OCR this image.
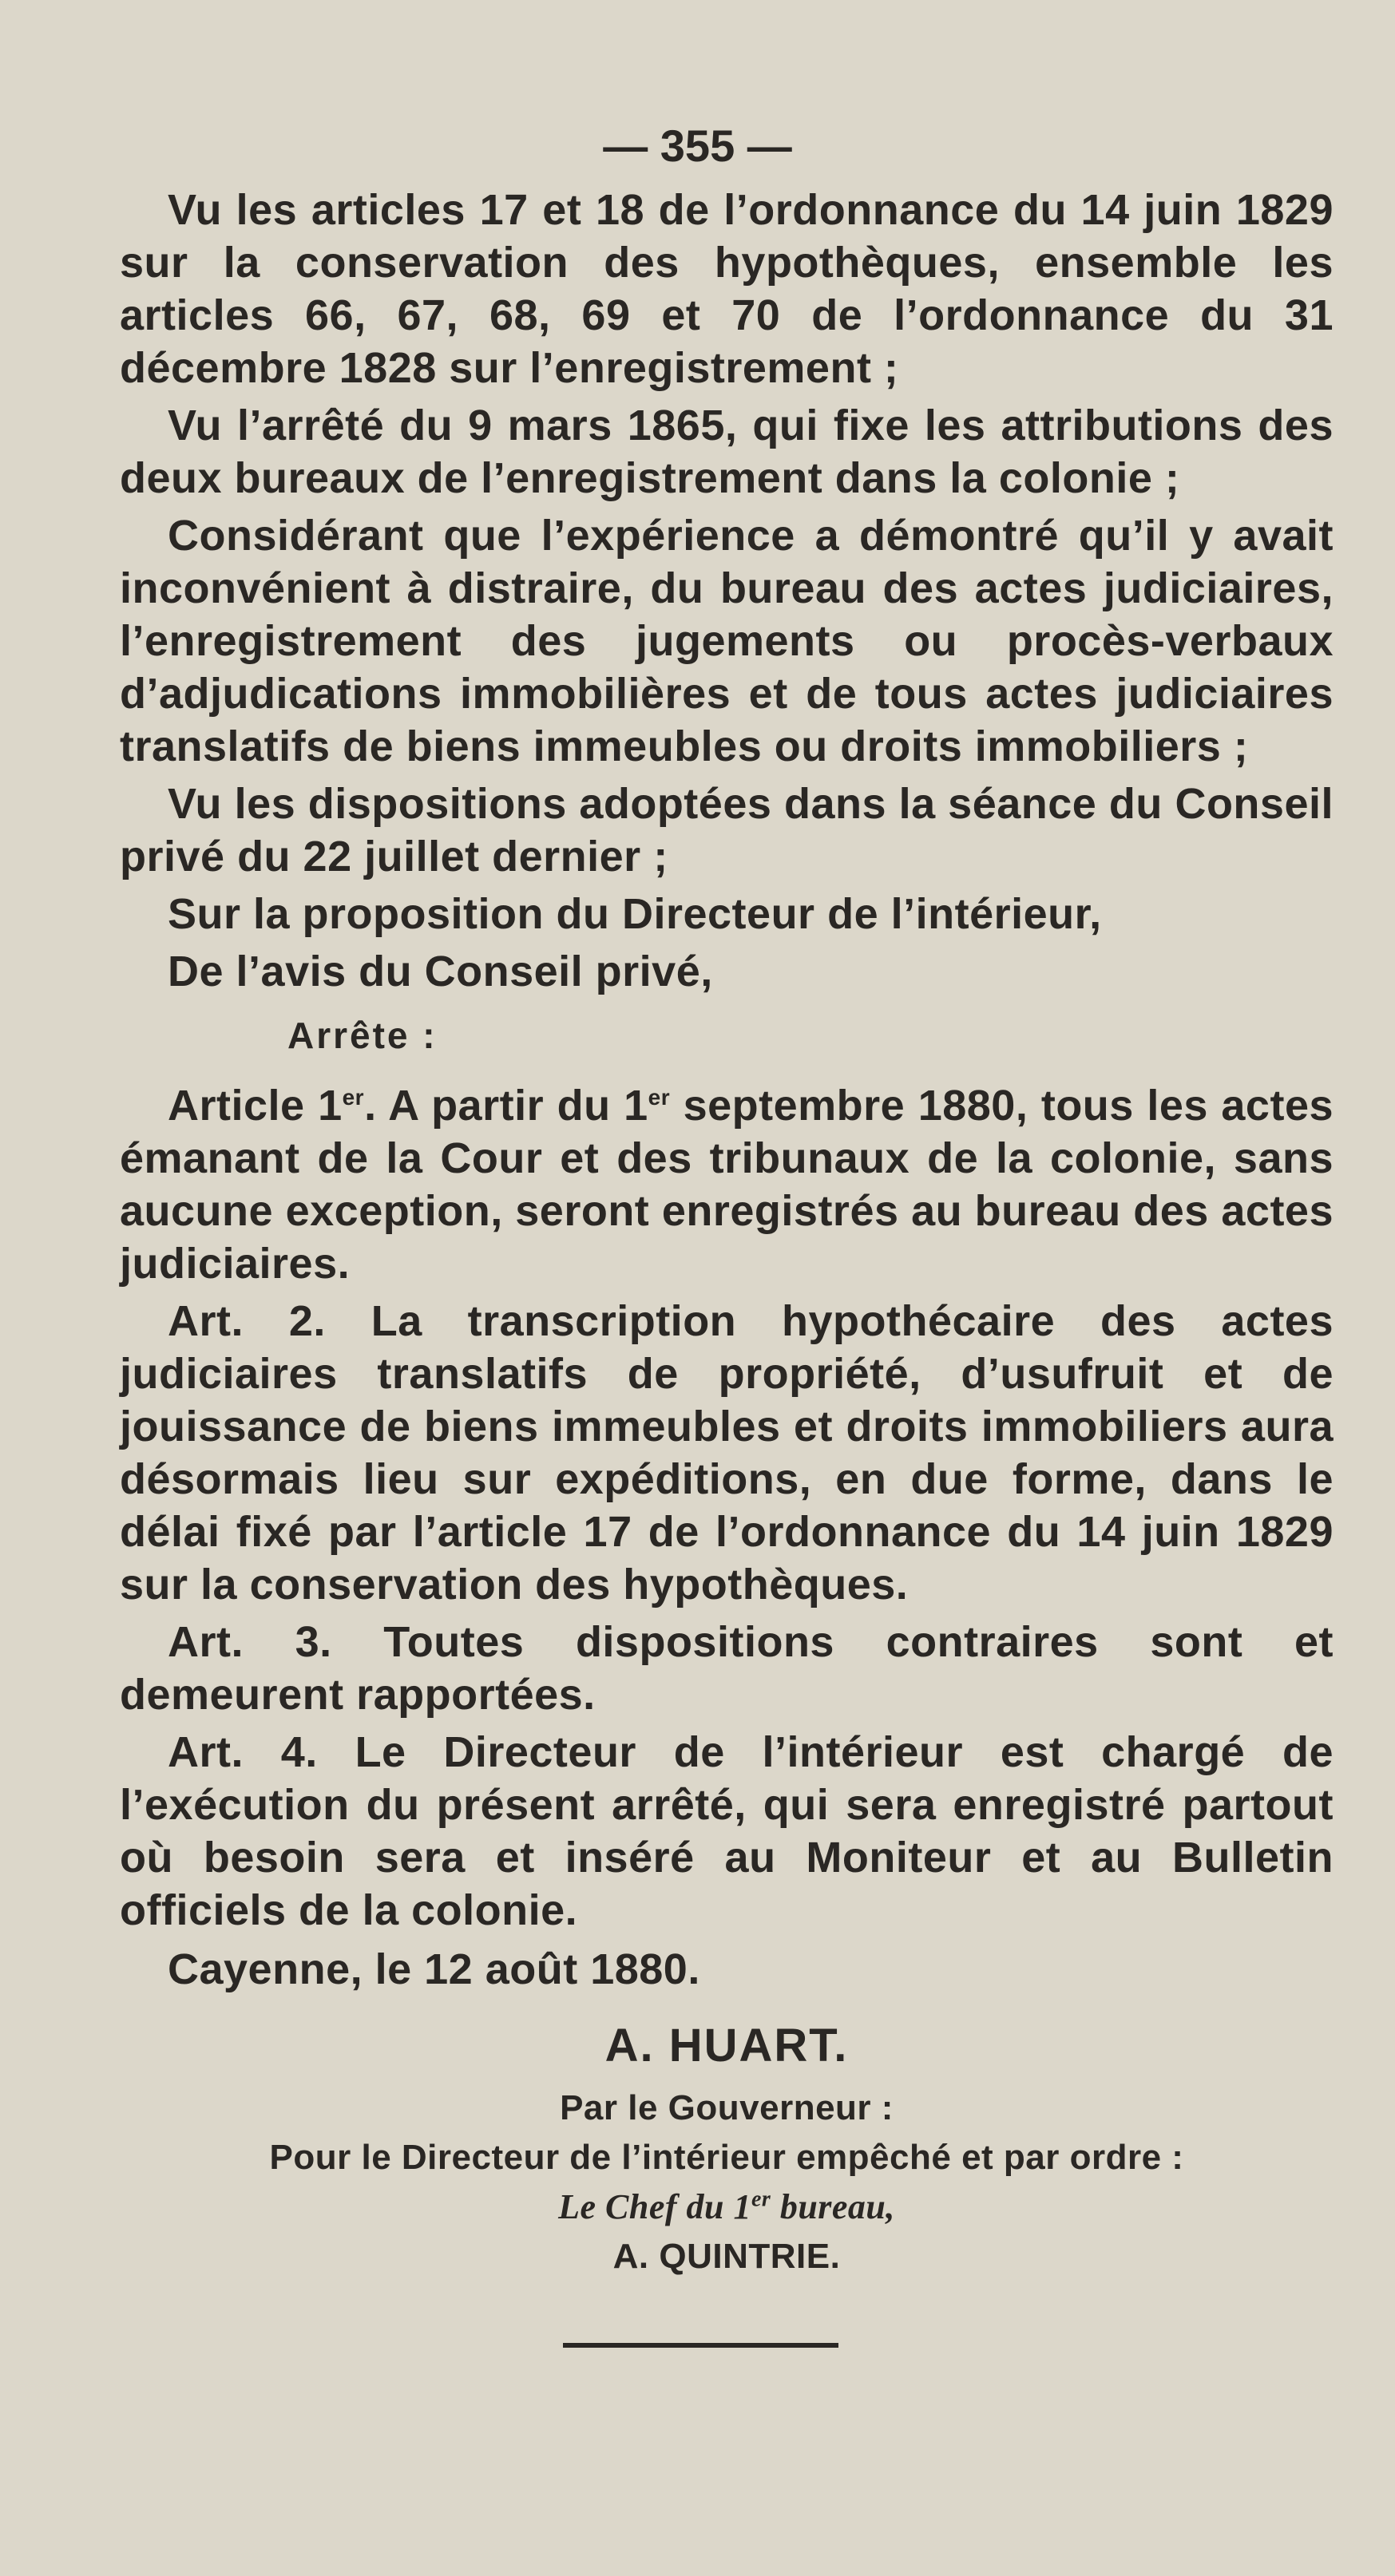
— 355 —

Vu les articles 17 et 18 de l’ordonnance du 14 juin 1829 sur la conservation des hypothèques, ensemble les articles 66, 67, 68, 69 et 70 de l’ordonnance du 31 décembre 1828 sur l’enregistrement ;

Vu l’arrêté du 9 mars 1865, qui fixe les attributions des deux bureaux de l’enregistrement dans la colonie ;

Considérant que l’expérience a démontré qu’il y avait inconvénient à distraire, du bureau des actes judiciaires, l’enregistrement des jugements ou procès-verbaux d’adjudications immobilières et de tous actes judiciaires translatifs de biens immeubles ou droits immobiliers ;

Vu les dispositions adoptées dans la séance du Conseil privé du 22 juillet dernier ;

Sur la proposition du Directeur de l’intérieur,

De l’avis du Conseil privé,

Arrête :

Article 1er. A partir du 1er septembre 1880, tous les actes émanant de la Cour et des tribunaux de la colonie, sans aucune exception, seront enregistrés au bureau des actes judiciaires.

Art. 2. La transcription hypothécaire des actes judiciaires translatifs de propriété, d’usufruit et de jouissance de biens immeubles et droits immobiliers aura désormais lieu sur expéditions, en due forme, dans le délai fixé par l’article 17 de l’ordonnance du 14 juin 1829 sur la conservation des hypothèques.

Art. 3. Toutes dispositions contraires sont et demeurent rapportées.

Art. 4. Le Directeur de l’intérieur est chargé de l’exécution du présent arrêté, qui sera enregistré partout où besoin sera et inséré au Moniteur et au Bulletin officiels de la colonie.

Cayenne, le 12 août 1880.

A. HUART.
Par le Gouverneur :
Pour le Directeur de l’intérieur empêché et par ordre :
Le Chef du 1er bureau,
A. QUINTRIE.
